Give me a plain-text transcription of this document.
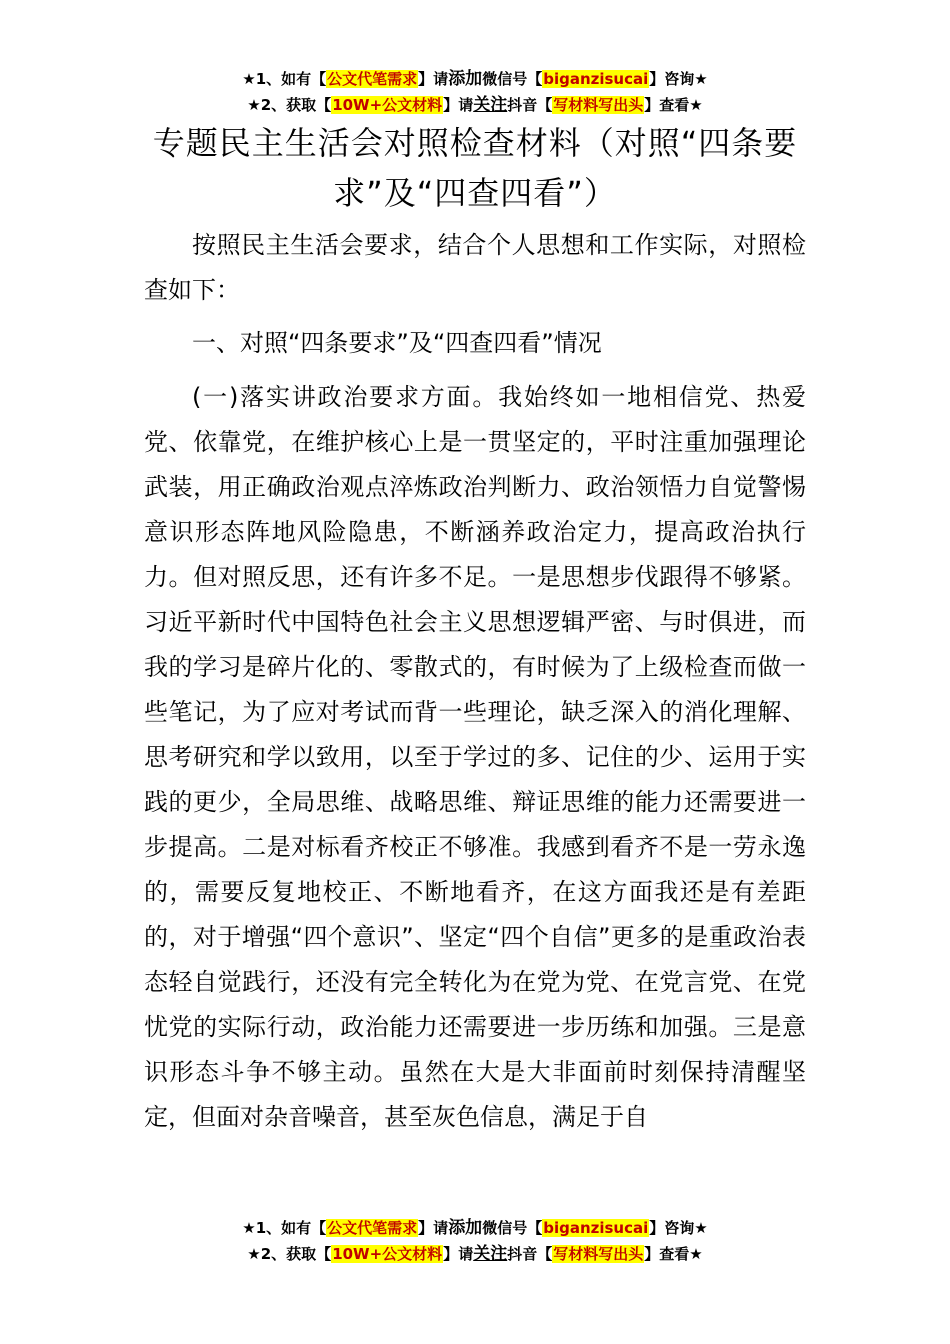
★1、如有【公文代笔需求】请添加微信号【biganzisucai】咨询★
★2、获取【10W+公文材料】请关注抖音【写材料写出头】查看★
专题民主生活会对照检查材料（对照“四条要求”及“四查四看”）

按照民主生活会要求，结合个人思想和工作实际，对照检查如下：

一、对照“四条要求”及“四查四看”情况

(一)落实讲政治要求方面。我始终如一地相信党、热爱党、依靠党，在维护核心上是一贯坚定的，平时注重加强理论武装，用正确政治观点淬炼政治判断力、政治领悟力自觉警惕意识形态阵地风险隐患，不断涵养政治定力，提高政治执行力。但对照反思，还有许多不足。一是思想步伐跟得不够紧。习近平新时代中国特色社会主义思想逻辑严密、与时俱进，而我的学习是碎片化的、零散式的，有时候为了上级检查而做一些笔记，为了应对考试而背一些理论，缺乏深入的消化理解、思考研究和学以致用，以至于学过的多、记住的少、运用于实践的更少，全局思维、战略思维、辩证思维的能力还需要进一步提高。二是对标看齐校正不够准。我感到看齐不是一劳永逸的，需要反复地校正、不断地看齐，在这方面我还是有差距的，对于增强“四个意识”、坚定“四个自信”更多的是重政治表态轻自觉践行，还没有完全转化为在党为党、在党言党、在党忧党的实际行动，政治能力还需要进一步历练和加强。三是意识形态斗争不够主动。虽然在大是大非面前时刻保持清醒坚定，但面对杂音噪音，甚至灰色信息，满足于自

★1、如有【公文代笔需求】请添加微信号【biganzisucai】咨询★
★2、获取【10W+公文材料】请关注抖音【写材料写出头】查看★
